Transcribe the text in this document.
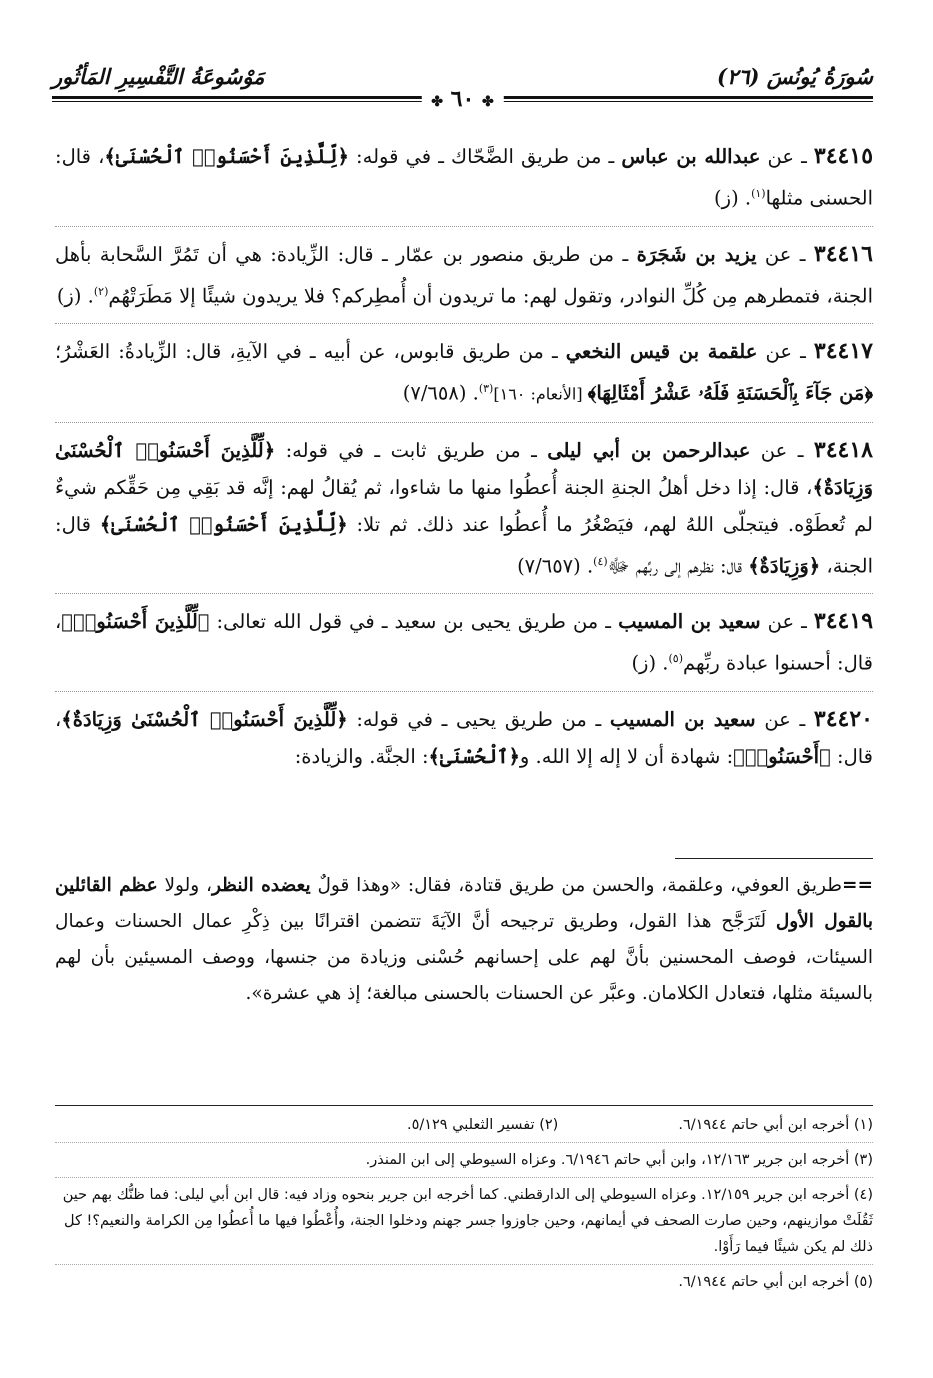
سُورَةُ يُونُسَ (٢٦)
مَوْسُوعَةُ التَّفْسِيرِ المَأثُور
✤ ٦٠ ✤

٣٤٤١٥ ـ عن عبدالله بن عباس ـ من طريق الضَّحّاك ـ في قوله: ﴿لِّلَّذِينَ أَحْسَنُوا۟ ٱلْحُسْنَىٰ﴾، قال: الحسنى مثلها$^{(١)}$. (ز)

٣٤٤١٦ ـ عن يزيد بن شَجَرَة ـ من طريق منصور بن عمّار ـ قال: الزِّيادة: هي أن تَمُرَّ السَّحابة بأهل الجنة، فتمطرهم مِن كُلِّ النوادر، وتقول لهم: ما تريدون أن أُمطِركم؟ فلا يريدون شيئًا إلا مَطَرَتْهُم$^{(٢)}$. (ز)

٣٤٤١٧ ـ عن علقمة بن قيس النخعي ـ من طريق قابوس، عن أبيه ـ في الآيةِ، قال: الزِّيادةُ: العَشْرُ؛ ﴿مَن جَآءَ بِٱلْحَسَنَةِ فَلَهُۥ عَشْرُ أَمْثَالِهَا﴾ [الأنعام: ١٦٠]$^{(٣)}$. (٧/٦٥٨)

٣٤٤١٨ ـ عن عبدالرحمن بن أبي ليلى ـ من طريق ثابت ـ في قوله: ﴿لِّلَّذِينَ أَحْسَنُوا۟ ٱلْحُسْنَىٰ وَزِيَادَةٌ﴾، قال: إذا دخل أهلُ الجنةِ الجنة أُعطُوا منها ما شاءوا، ثم يُقالُ لهم: إنَّه قد بَقِي مِن حَقِّكم شيءٌ لم تُعطَوْه. فيتجلّى اللهُ لهم، فيَصْغُرُ ما أُعطُوا عند ذلك. ثم تلا: ﴿لِّلَّذِينَ أَحْسَنُوا۟ ٱلْحُسْنَىٰ﴾ قال: الجنة، ﴿وَزِيَادَةٌ﴾ قال: نظرهم إلى ربِّهم ﷻ$^{(٤)}$. (٧/٦٥٧)

٣٤٤١٩ ـ عن سعيد بن المسيب ـ من طريق يحيى بن سعيد ـ في قول الله تعالى: ﴿لِّلَّذِينَ أَحْسَنُوا۟﴾، قال: أحسنوا عبادة ربِّهم$^{(٥)}$. (ز)

٣٤٤٢٠ ـ عن سعيد بن المسيب ـ من طريق يحيى ـ في قوله: ﴿لِّلَّذِينَ أَحْسَنُوا۟ ٱلْحُسْنَىٰ وَزِيَادَةٌ﴾، قال: ﴿أَحْسَنُوا۟﴾: شهادة أن لا إله إلا الله. و﴿ٱلْحُسْنَىٰ﴾: الجنَّة. والزيادة:

==طريق العوفي، وعلقمة، والحسن من طريق قتادة، فقال: «وهذا قولٌ يعضده النظر، ولولا عظم القائلين بالقول الأول لَتَرَجَّح هذا القول، وطريق ترجيحه أنَّ الآيَةَ تتضمن اقترانًا بين ذِكْرِ عمال الحسنات وعمال السيئات، فوصف المحسنين بأنَّ لهم على إحسانهم حُسْنى وزيادة من جنسها، ووصف المسيئين بأن لهم بالسيئة مثلها، فتعادل الكلامان. وعبَّر عن الحسنات بالحسنى مبالغة؛ إذ هي عشرة».
(١) أخرجه ابن أبي حاتم ٦/١٩٤٤.
(٢) تفسير الثعلبي ٥/١٢٩.
(٣) أخرجه ابن جرير ١٢/١٦٣، وابن أبي حاتم ٦/١٩٤٦. وعزاه السيوطي إلى ابن المنذر.
(٤) أخرجه ابن جرير ١٢/١٥٩. وعزاه السيوطي إلى الدارقطني. كما أخرجه ابن جرير بنحوه وزاد فيه: قال ابن أبي ليلى: فما ظنُّك بهم حين ثَقُلَتْ موازينهم، وحين صارت الصحف في أيمانهم، وحين جاوزوا جسر جهنم ودخلوا الجنة، وأُعْطُوا فيها ما أُعطُوا مِن الكرامة والنعيم؟! كل ذلك لم يكن شيئًا فيما رَأَوْا.
(٥) أخرجه ابن أبي حاتم ٦/١٩٤٤.
